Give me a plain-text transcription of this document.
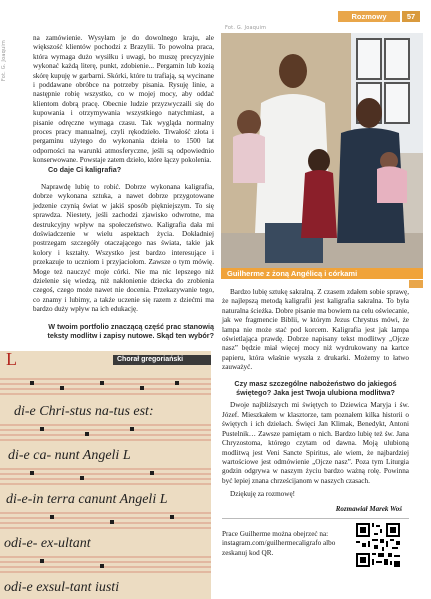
Fot. G. Joaquim
Fot. G. Joaquim
Rozmowy	57

na zamówienie. Wysyłam je do dowolnego kraju, ale większość klientów pochodzi z Brazylii. To powolna praca, która wymaga dużo wysiłku i uwagi, bo muszę precyzyjnie wykonać każdą literę, punkt, zdobienie... Pergamin lub kozią skórę kupuję w garbarni. Skórki, które tu trafiają, są wycinane i poddawane obróbce na potrzeby pisania. Rysuję linie, a następnie robię wszystko, co w mojej mocy, aby oddać klientom dobrą pracę. Obecnie ludzie przyzwyczaili się do kupowania i otrzymywania wszystkiego natychmiast, a pisanie odręczne wymaga czasu. Tak wygląda normalny proces pracy manualnej, czyli rękodzieło. Trwałość złota i pergaminu użytego do wykonania dzieła to 1500 lat odporności na warunki atmosferyczne, jeśli są odpowiednio konserwowane. Powstaje zatem dzieło, które łączy pokolenia.

Co daje Ci kaligrafia?

Naprawdę lubię to robić. Dobrze wykonana kaligrafia, dobrze wykonana sztuka, a nawet dobrze przygotowane jedzenie czynią świat w jakiś sposób piękniejszym. To się sprawdza. Niestety, jeśli zachodzi zjawisko odwrotne, ma destrukcyjny wpływ na społeczeństwo. Kaligrafia dała mi doświadczenie w wielu aspektach życia. Dokładniej postrzegam szczegóły otaczającego nas świata, takie jak kolory i kształty. Wszystko jest bardzo interesujące i przekazuje to uczniom i przyjaciołom. Zawsze o tym mówię. Moge też nauczyć moje córki. Nie ma nic lepszego niż dzielenie się wiedzą, niż nakłonienie dziecka do zrobienia czegoś, czego może nawet nie docenia. Przekazywanie tego, co znamy i lubimy, a także uczenie się razem z dziećmi ma bardzo duży wpływ na ich edukację.

W twoim portfolio znaczącą część prac stanowią teksty modlitw i zapisy nutowe. Skąd ten wybór?
Guilherme z żoną Angélicą i córkami
L
di-e Chri-stus na-tus est:
di-e ca- nunt Angeli L
di-e-in terra canunt Angeli L
odi-e- ex-ultant
odi-e exsul-tant iusti
Chorał gregoriański

Bardzo lubię sztukę sakralną. Z czasem zdałem sobie sprawę, że najlepszą metodą kaligrafii jest kaligrafia sakralna. To była naturalna ścieżka. Dobre pisanie ma bowiem na celu oświecanie, jak we fragmencie Biblii, w którym Jezus Chrystus mówi, że lampa nie może stać pod korcem. Kaligrafia jest jak lampa oświetlająca prawdę. Dobrze napisany tekst modlitwy „Ojcze nasz” będzie miał więcej mocy niż wydrukowany na kartce papieru, która właśnie wyszła z drukarki. Możemy to łatwo zauważyć.

Czy masz szczególne nabożeństwo do jakiegoś świętego? Jaka jest Twoja ulubiona modlitwa?

Dwoje najbliższych mi świętych to Dziewica Maryja i św. Józef. Mieszkałem w klasztorze, tam poznałem kilka historii o świętych i ich dziełach. Święci Jan Klimak, Benedykt, Antoni Pustelnik… Zawsze pamiętam o nich. Bardzo lubię też św. Jana Chryzostoma, którego czytam od dawna. Moją ulubioną modlitwą jest Veni Sancte Spiritus, ale wiem, że najbardziej wartościowe jest odmówienie „Ojcze nasz”. Poza tym Liturgia godzin odgrywa w naszym życiu bardzo ważną rolę. Powinna być lepiej znana chrześcijanom w naszych czasach.

Dziękuję za rozmowę!

Rozmawiał Marek Woś
Prace Guilherme można obejrzeć na: instagram.com/guilhermecaligrafo albo zeskanuj kod QR.
